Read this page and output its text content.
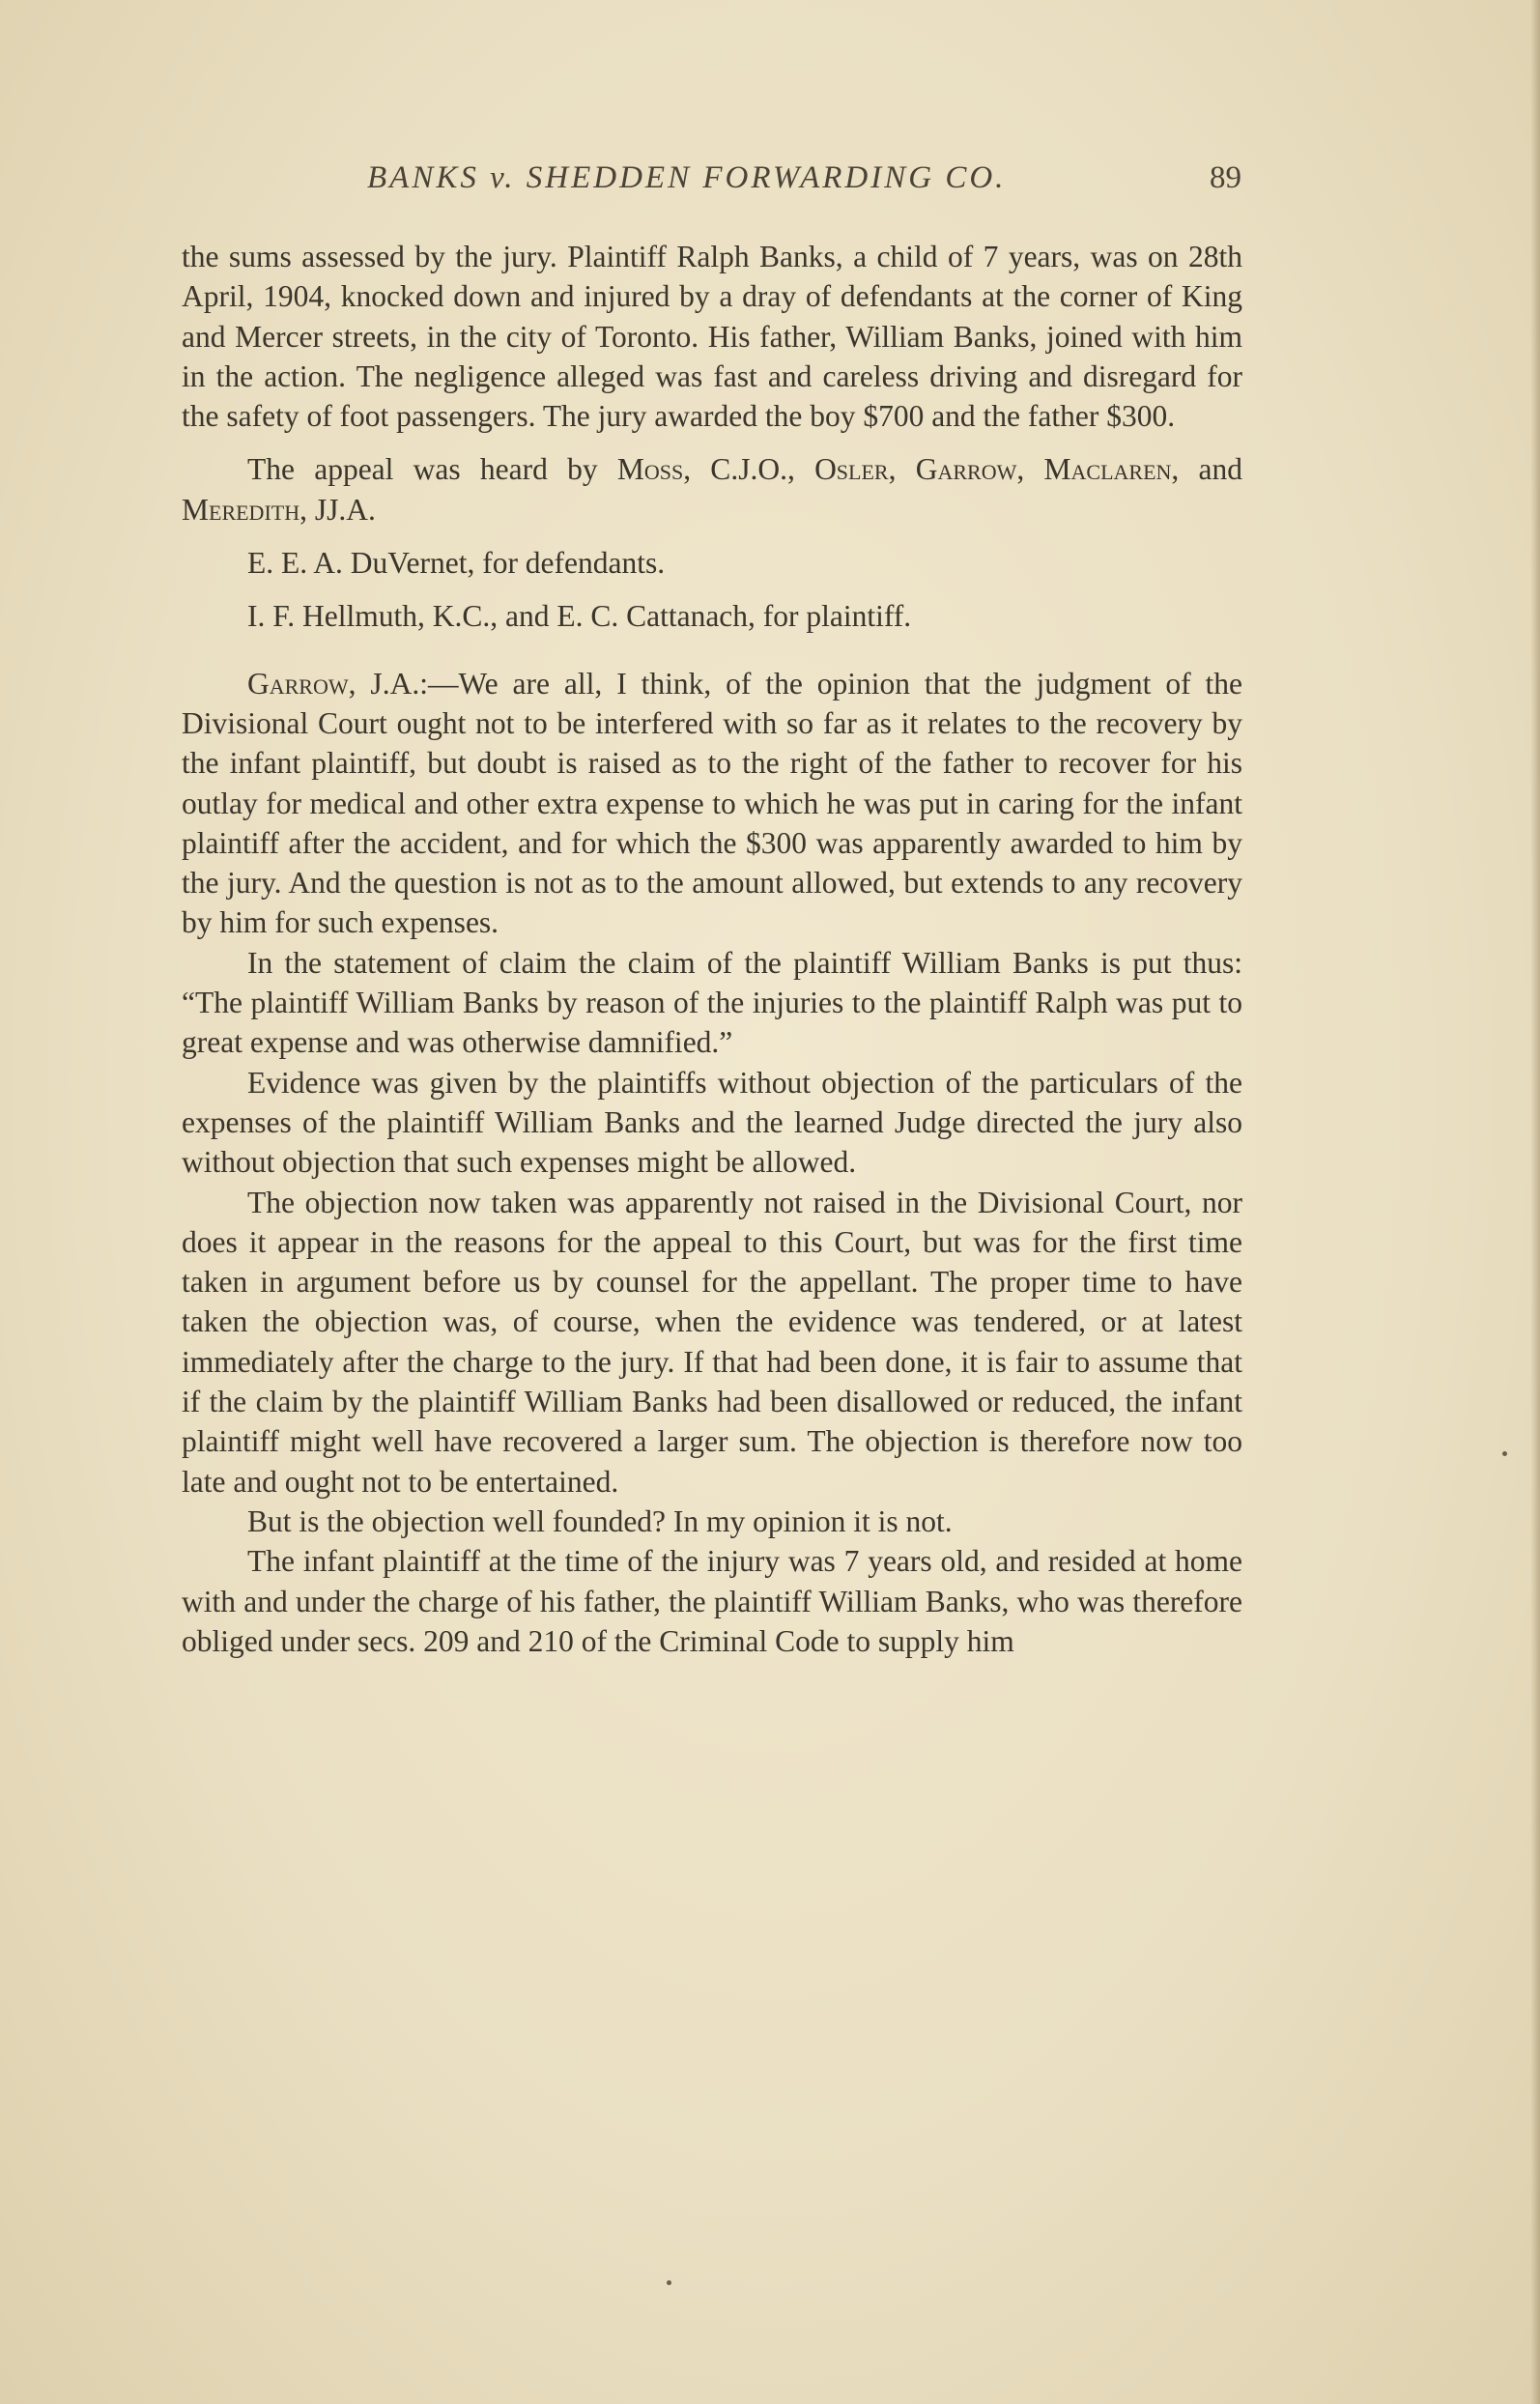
BANKS v. SHEDDEN FORWARDING CO.	89

the sums assessed by the jury. Plaintiff Ralph Banks, a child of 7 years, was on 28th April, 1904, knocked down and injured by a dray of defendants at the corner of King and Mercer streets, in the city of Toronto. His father, William Banks, joined with him in the action. The negligence alleged was fast and careless driving and disregard for the safety of foot passengers. The jury awarded the boy $700 and the father $300.

The appeal was heard by Moss, C.J.O., Osler, Garrow, Maclaren, and Meredith, JJ.A.

E. E. A. DuVernet, for defendants.

I. F. Hellmuth, K.C., and E. C. Cattanach, for plaintiff.

Garrow, J.A.:—We are all, I think, of the opinion that the judgment of the Divisional Court ought not to be interfered with so far as it relates to the recovery by the infant plaintiff, but doubt is raised as to the right of the father to recover for his outlay for medical and other extra expense to which he was put in caring for the infant plaintiff after the accident, and for which the $300 was apparently awarded to him by the jury. And the question is not as to the amount allowed, but extends to any recovery by him for such expenses.

In the statement of claim the claim of the plaintiff William Banks is put thus: “The plaintiff William Banks by reason of the injuries to the plaintiff Ralph was put to great expense and was otherwise damnified.”

Evidence was given by the plaintiffs without objection of the particulars of the expenses of the plaintiff William Banks and the learned Judge directed the jury also without objection that such expenses might be allowed.

The objection now taken was apparently not raised in the Divisional Court, nor does it appear in the reasons for the appeal to this Court, but was for the first time taken in argument before us by counsel for the appellant. The proper time to have taken the objection was, of course, when the evidence was tendered, or at latest immediately after the charge to the jury. If that had been done, it is fair to assume that if the claim by the plaintiff William Banks had been disallowed or reduced, the infant plaintiff might well have recovered a larger sum. The objection is therefore now too late and ought not to be entertained.

But is the objection well founded? In my opinion it is not.

The infant plaintiff at the time of the injury was 7 years old, and resided at home with and under the charge of his father, the plaintiff William Banks, who was therefore obliged under secs. 209 and 210 of the Criminal Code to supply him
